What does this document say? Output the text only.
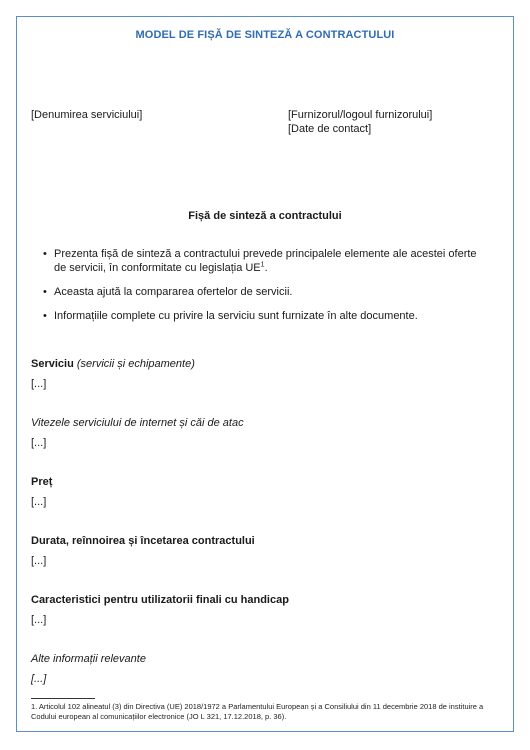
MODEL DE FIȘĂ DE SINTEZĂ A CONTRACTULUI
[Denumirea serviciului]	[Furnizorul/logoul furnizorului]
[Date de contact]
Fișă de sinteză a contractului
• Prezenta fișă de sinteză a contractului prevede principalele elemente ale acestei oferte de servicii, în conformitate cu legislația $UE^1$.
• Aceasta ajută la compararea ofertelor de servicii.
• Informațiile complete cu privire la serviciu sunt furnizate în alte documente.
Serviciu (servicii și echipamente)
[...]
Vitezele serviciului de internet și căi de atac
[...]
Preț
[...]
Durata, reînnoirea și încetarea contractului
[...]
Caracteristici pentru utilizatorii finali cu handicap
[...]
Alte informații relevante
[...]
1. Articolul 102 alineatul (3) din Directiva (UE) 2018/1972 a Parlamentului European și a Consiliului din 11 decembrie 2018 de instituire a Codului european al comunicațiilor electronice (JO L 321, 17.12.2018, p. 36).
